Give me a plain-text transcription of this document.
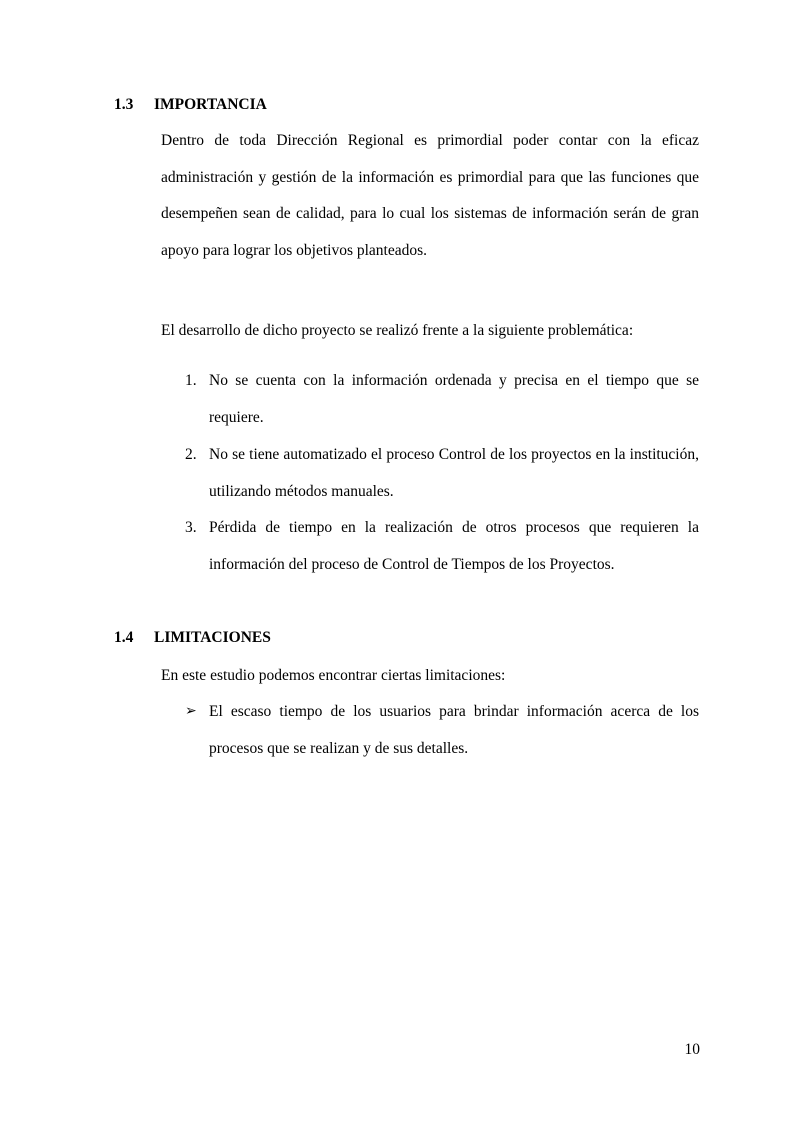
1.3 IMPORTANCIA
Dentro de toda Dirección Regional es primordial poder contar con la eficaz administración y gestión de la información es primordial para que las funciones que desempeñen sean de calidad, para lo cual los sistemas de información serán de gran apoyo para lograr los objetivos planteados.
El desarrollo de dicho proyecto se realizó frente a la siguiente problemática:
1. No se cuenta con la información ordenada y precisa en el tiempo que se requiere.
2. No se tiene automatizado el proceso Control de los proyectos en la institución, utilizando métodos manuales.
3. Pérdida de tiempo en la realización de otros procesos que requieren la información del proceso de Control de Tiempos de los Proyectos.
1.4 LIMITACIONES
En este estudio podemos encontrar ciertas limitaciones:
➢ El escaso tiempo de los usuarios para brindar información acerca de los procesos que se realizan y de sus detalles.
10
